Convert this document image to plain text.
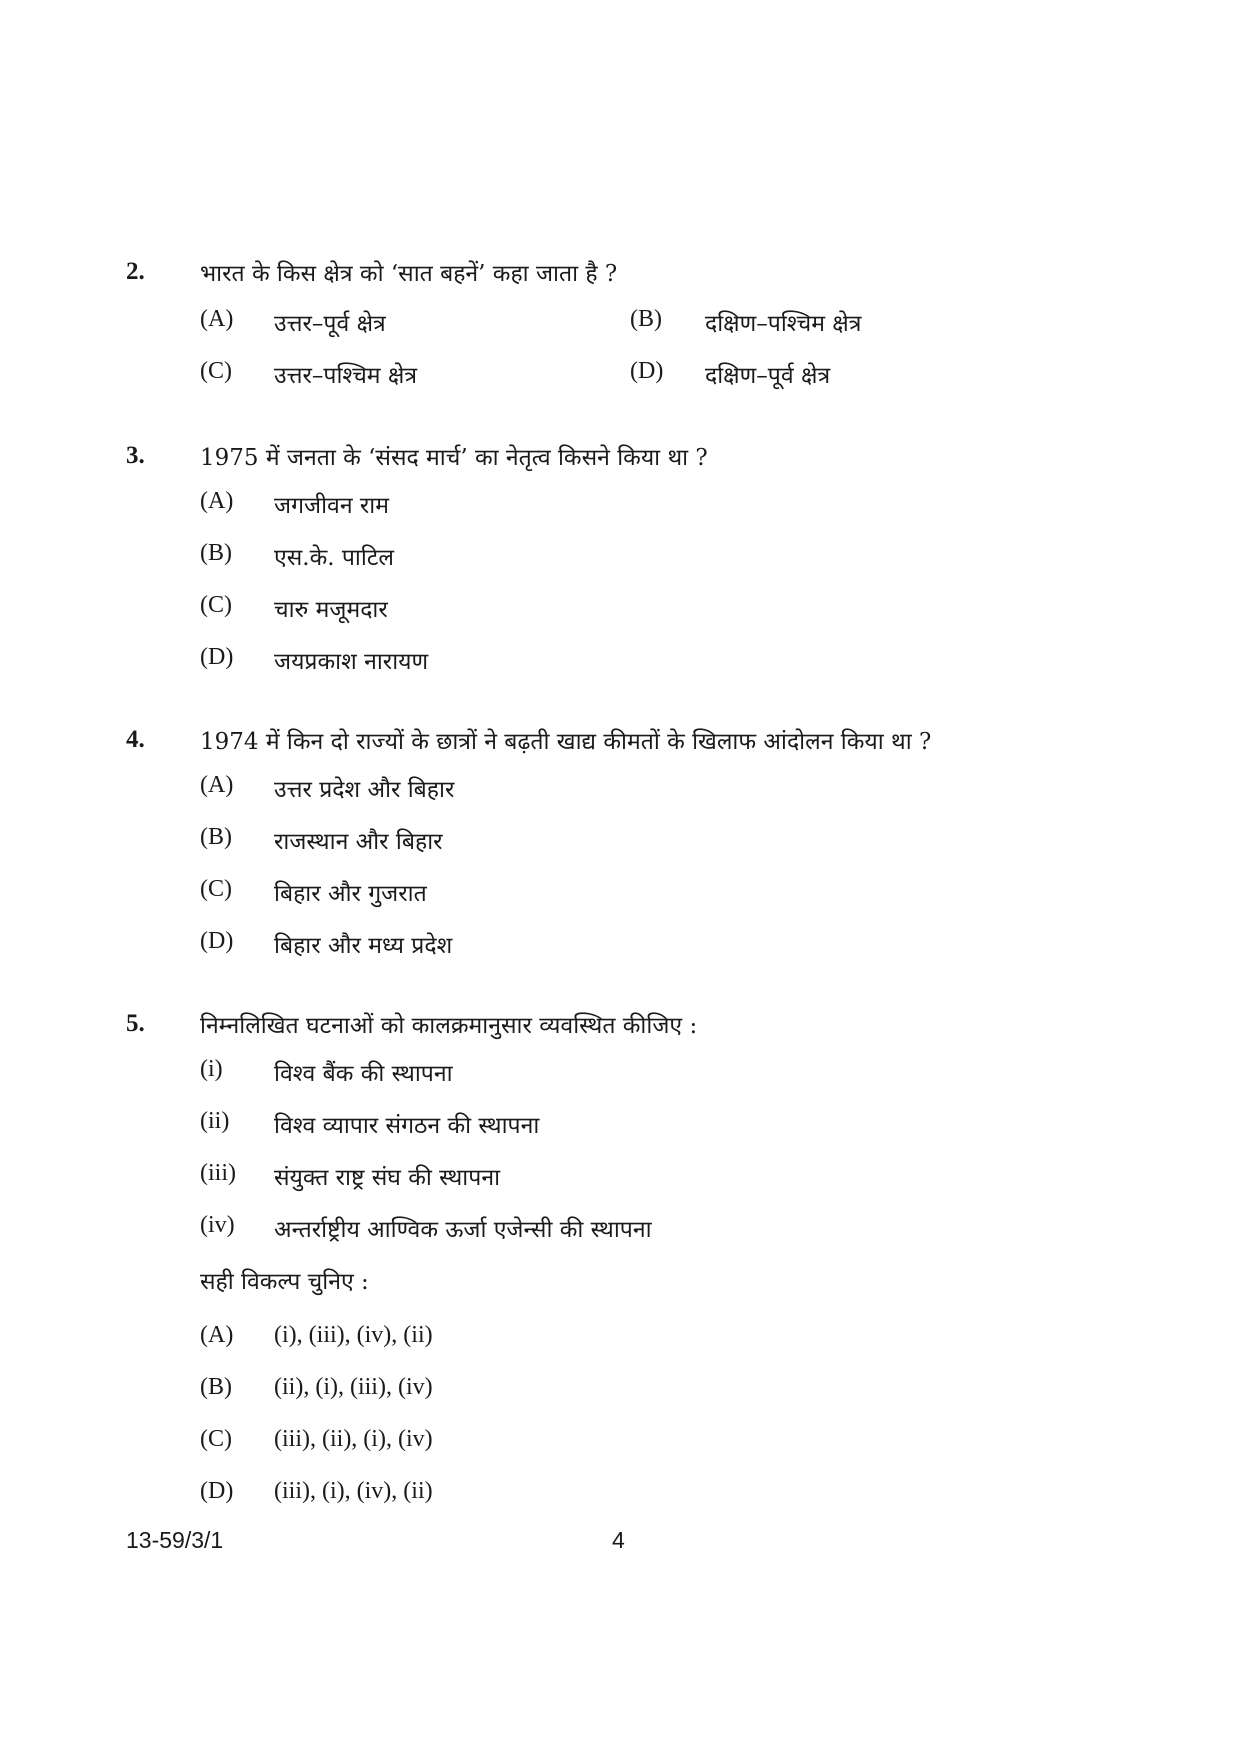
2. भारत के किस क्षेत्र को ‘सात बहनें’ कहा जाता है ?
(A) उत्तर–पूर्व क्षेत्र	(B) दक्षिण–पश्चिम क्षेत्र
(C) उत्तर–पश्चिम क्षेत्र	(D) दक्षिण–पूर्व क्षेत्र
3. 1975 में जनता के ‘संसद मार्च’ का नेतृत्व किसने किया था ?
(A) जगजीवन राम
(B) एस.के. पाटिल
(C) चारु मजूमदार
(D) जयप्रकाश नारायण
4. 1974 में किन दो राज्यों के छात्रों ने बढ़ती खाद्य कीमतों के खिलाफ आंदोलन किया था ?
(A) उत्तर प्रदेश और बिहार
(B) राजस्थान और बिहार
(C) बिहार और गुजरात
(D) बिहार और मध्य प्रदेश
5. निम्नलिखित घटनाओं को कालक्रमानुसार व्यवस्थित कीजिए :
(i) विश्व बैंक की स्थापना
(ii) विश्व व्यापार संगठन की स्थापना
(iii) संयुक्त राष्ट्र संघ की स्थापना
(iv) अन्तर्राष्ट्रीय आण्विक ऊर्जा एजेन्सी की स्थापना
सही विकल्प चुनिए :
(A) (i), (iii), (iv), (ii)
(B) (ii), (i), (iii), (iv)
(C) (iii), (ii), (i), (iv)
(D) (iii), (i), (iv), (ii)
13-59/3/1	4
